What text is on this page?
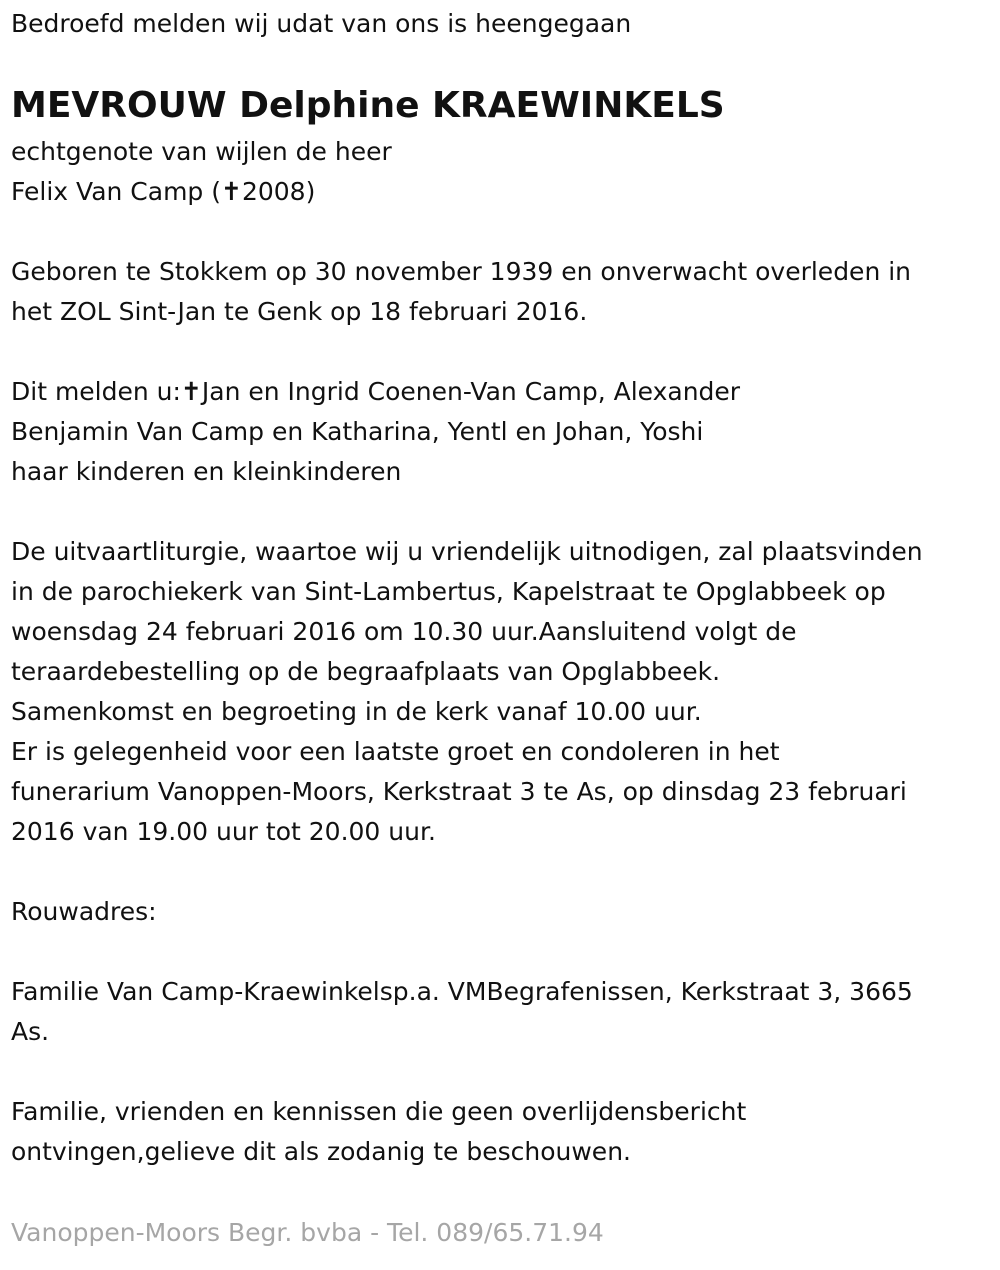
Bedroefd melden wij udat van ons is heengegaan
MEVROUW Delphine KRAEWINKELS
echtgenote van wijlen de heer
Felix Van Camp (✝2008)
Geboren te Stokkem op 30 november 1939 en onverwacht overleden in
het ZOL Sint-Jan te Genk op 18 februari 2016.
Dit melden u:✝Jan en Ingrid Coenen-Van Camp, Alexander
Benjamin Van Camp en Katharina, Yentl en Johan, Yoshi
haar kinderen en kleinkinderen
De uitvaartliturgie, waartoe wij u vriendelijk uitnodigen, zal plaatsvinden
in de parochiekerk van Sint-Lambertus, Kapelstraat te Opglabbeek op
woensdag 24 februari 2016 om 10.30 uur.Aansluitend volgt de
teraardebestelling op de begraafplaats van Opglabbeek.
Samenkomst en begroeting in de kerk vanaf 10.00 uur.
Er is gelegenheid voor een laatste groet en condoleren in het
funerarium Vanoppen-Moors, Kerkstraat 3 te As, op dinsdag 23 februari
2016 van 19.00 uur tot 20.00 uur.
Rouwadres:
Familie Van Camp-Kraewinkelsp.a. VMBegrafenissen, Kerkstraat 3, 3665
As.
Familie, vrienden en kennissen die geen overlijdensbericht
ontvingen,gelieve dit als zodanig te beschouwen.
Vanoppen-Moors Begr. bvba - Tel. 089/65.71.94
